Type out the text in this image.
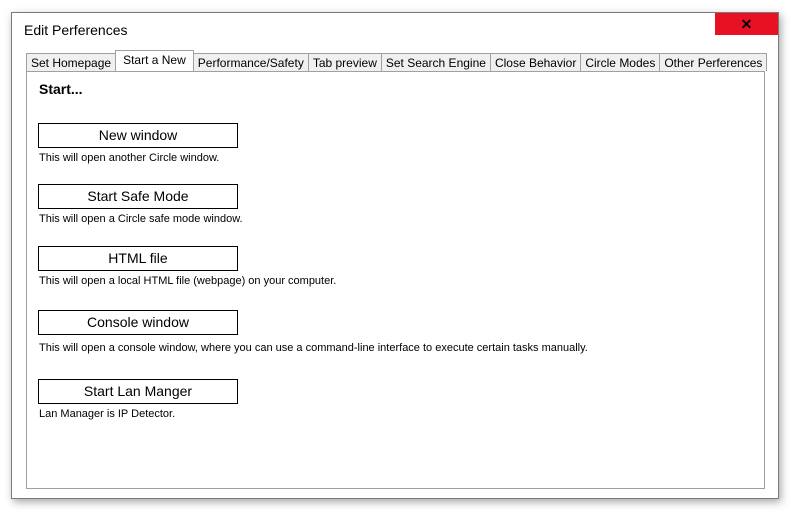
Edit Perferences	✕
Set Homepage	Start a New	Performance/Safety Tab preview Set Search Engine Close Behavior Circle Modes Other Perferences
Start...
New window
This will open another Circle window.
Start Safe Mode
This will open a Circle safe mode window.
HTML file
This will open a local HTML file (webpage) on your computer.
Console window
This will open a console window, where you can use a command-line interface to execute certain tasks manually.
Start Lan Manger
Lan Manager is IP Detector.
